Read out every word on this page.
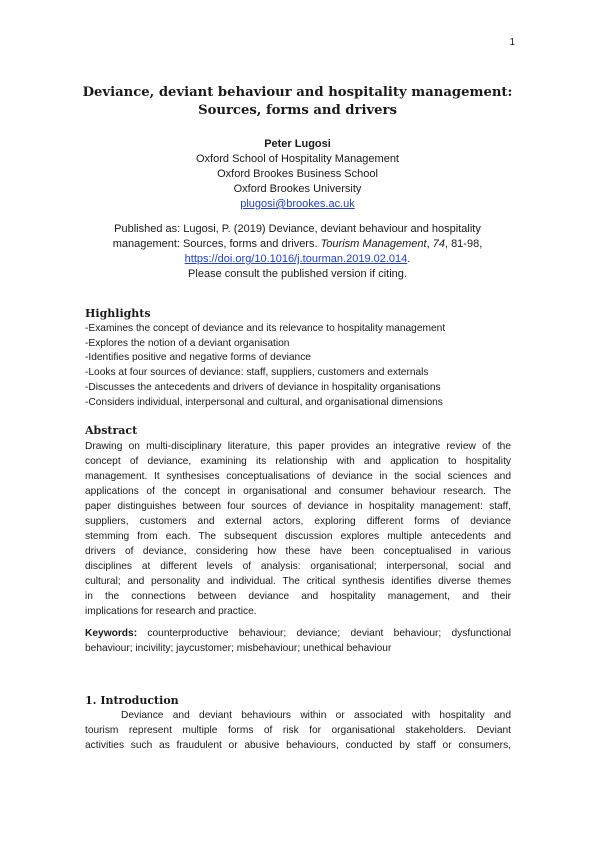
1
Deviance, deviant behaviour and hospitality management:
Sources, forms and drivers
Peter Lugosi
Oxford School of Hospitality Management
Oxford Brookes Business School
Oxford Brookes University
plugosi@brookes.ac.uk
Published as: Lugosi, P. (2019) Deviance, deviant behaviour and hospitality
management: Sources, forms and drivers. Tourism Management, 74, 81-98,
https://doi.org/10.1016/j.tourman.2019.02.014.
Please consult the published version if citing.
Highlights
-Examines the concept of deviance and its relevance to hospitality management
-Explores the notion of a deviant organisation
-Identifies positive and negative forms of deviance
-Looks at four sources of deviance: staff, suppliers, customers and externals
-Discusses the antecedents and drivers of deviance in hospitality organisations
-Considers individual, interpersonal and cultural, and organisational dimensions
Abstract
Drawing on multi-disciplinary literature, this paper provides an integrative review of the
concept of deviance, examining its relationship with and application to hospitality
management. It synthesises conceptualisations of deviance in the social sciences and
applications of the concept in organisational and consumer behaviour research. The
paper distinguishes between four sources of deviance in hospitality management: staff,
suppliers, customers and external actors, exploring different forms of deviance
stemming from each. The subsequent discussion explores multiple antecedents and
drivers of deviance, considering how these have been conceptualised in various
disciplines at different levels of analysis: organisational; interpersonal, social and
cultural; and personality and individual. The critical synthesis identifies diverse themes
in the connections between deviance and hospitality management, and their
implications for research and practice.
Keywords: counterproductive behaviour; deviance; deviant behaviour; dysfunctional
behaviour; incivility; jaycustomer; misbehaviour; unethical behaviour
1. Introduction
Deviance and deviant behaviours within or associated with hospitality and
tourism represent multiple forms of risk for organisational stakeholders. Deviant
activities such as fraudulent or abusive behaviours, conducted by staff or consumers,
